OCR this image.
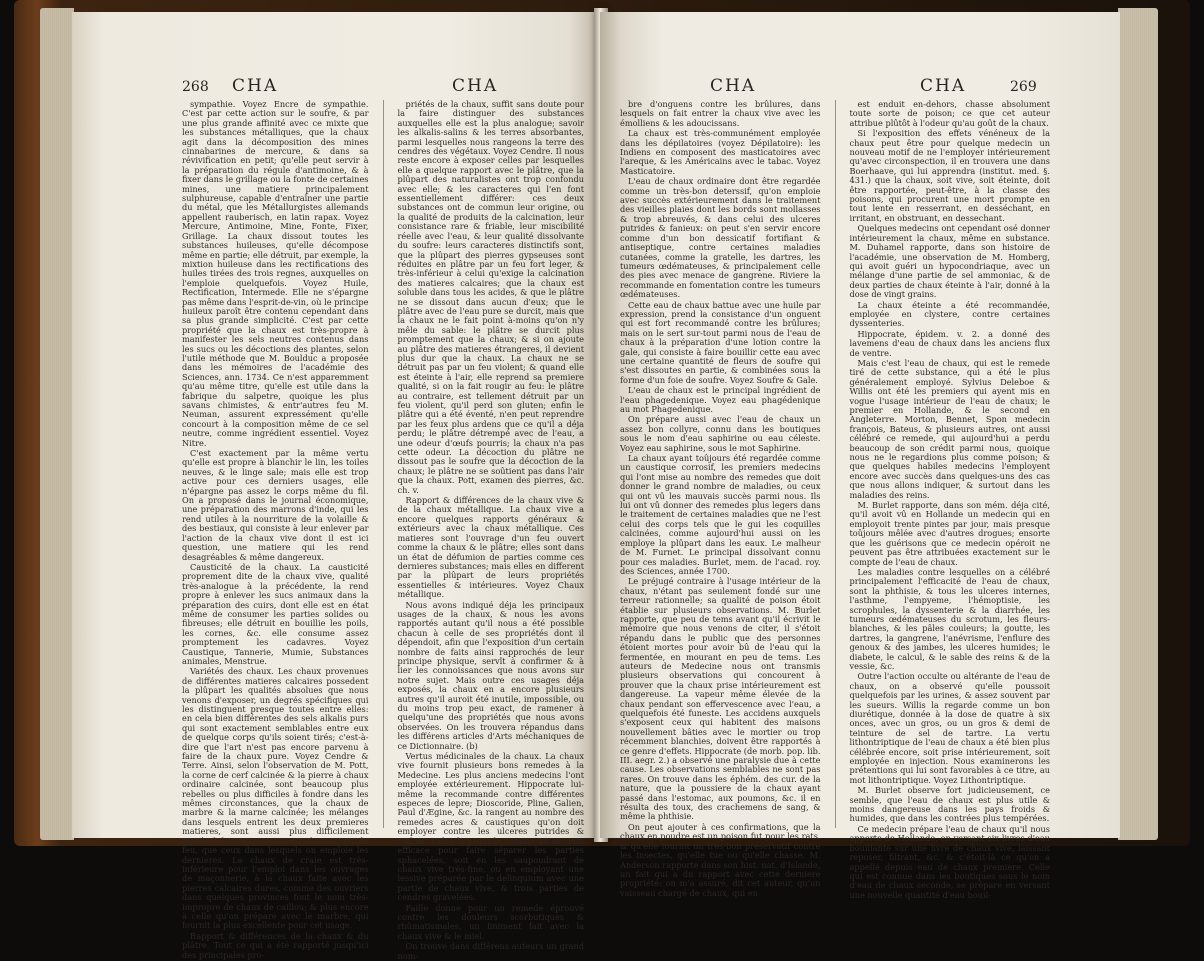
268 CHA	CHA

sympathie. Voyez Encre de sympathie. C'est par cette action sur le soufre, & par une plus grande affinité avec ce mixte que les substances métalliques, que la chaux agit dans la décomposition des mines cinnabarines de mercure, & dans sa révivification en petit; qu'elle peut servir à la préparation du régule d'antimoine, & à fixer dans le grillage ou la fonte de certaines mines, une matiere principalement sulphureuse, capable d'entraîner une partie du métal, que les Métallurgistes allemands appellent rauberisch, en latin rapax. Voyez Mercure, Antimoine, Mine, Fonte, Fixer, Grillage. La chaux dissout toutes les substances huileuses, qu'elle décompose même en partie; elle détruit, par exemple, la mixtion huileuse dans les rectifications des huiles tirées des trois regnes, auxquelles on l'emploie quelquefois. Voyez Huile, Rectification, Intermede. Elle ne s'épargne pas même dans l'esprit-de-vin, où le principe huileux paroît être contenu cependant dans sa plus grande simplicité. C'est par cette propriété que la chaux est très-propre à manifester les sels neutres contenus dans les sucs ou les décoctions des plantes, selon l'utile méthode que M. Boulduc a proposée dans les mémoires de l'académie des Sciences, ann. 1734. Ce n'est apparemment qu'au même titre, qu'elle est utile dans la fabrique du salpetre, quoique les plus savans chimistes, & entr'autres feu M. Neuman, assurent expressément qu'elle concourt à la composition même de ce sel neutre, comme ingrédient essentiel. Voyez Nitre.

C'est exactement par la même vertu qu'elle est propre à blanchir le lin, les toiles neuves, & le linge sale; mais elle est trop active pour ces derniers usages, elle n'épargne pas assez le corps même du fil. On a proposé dans le journal économique, une préparation des marrons d'inde, qui les rend utiles à la nourriture de la volaille & des bestiaux, qui consiste à leur enlever par l'action de la chaux vive dont il est ici question, une matiere qui les rend desagréables & même dangereux.

Causticité de la chaux. La causticité proprement dite de la chaux vive, qualité très-analogue à la précédente, la rend propre à enlever les sucs animaux dans la préparation des cuirs, dont elle est en état même de consumer les parties solides ou fibreuses; elle détruit en bouillie les poils, les cornes, &c. elle consume assez promptement les cadavres. Voyez Caustique, Tannerie, Mumie, Substances animales, Menstrue.

Variétés des chaux. Les chaux provenues de différentes matieres calcaires possedent la plûpart les qualités absolues que nous venons d'exposer, un degrés spécifiques qui les distinguent presque toutes entre elles: en cela bien différentes des sels alkalis purs qui sont exactement semblables entre eux de quelque corps qu'ils soient tirés; c'est-à-dire que l'art n'est pas encore parvenu à faire de la chaux pure. Voyez Cendre & Terre. Ainsi, selon l'observation de M. Pott, la corne de cerf calcinée & la pierre à chaux ordinaire calcinée, sont beaucoup plus rebelles ou plus difficiles à fondre dans les mêmes circonstances, que la chaux de marbre & la marne calcinée; les mélanges dans lesquels entrent les deux premieres matieres, sont aussi plus difficilement portés à la transparence par le secours du feu, que ceux dans lesquels on emploie les dernieres. La chaux de craie est très-inférieure pour l'emploi dans les ouvrages de maçonnerie, à la chaux faite avec les pierres calcaires dures, comme des ouvriers dans quelques provinces font le nom très-impropre de chaux de caillou; & plus encore à celle qu'on prépare avec le marbre, qui fournit la plus excellente pour cet usage.

Rapport & différences de la chaux & du plâtre. Tout ce qui a été rapporté jusqu'ici des principales pro-

priétés de la chaux, suffit sans doute pour la faire distinguer des substances auxquelles elle est la plus analogue; savoir les alkalis-salins & les terres absorbantes, parmi lesquelles nous rangeons la terre des cendres des végétaux. Voyez Cendre. Il nous reste encore à exposer celles par lesquelles elle a quelque rapport avec le plâtre, que la plûpart des naturalistes ont trop confondu avec elle; & les caracteres qui l'en font essentiellement différer: ces deux substances ont de commun leur origine, ou la qualité de produits de la calcination, leur consistance rare & friable, leur miscibilité réelle avec l'eau, & leur qualité dissolvante du soufre: leurs caracteres distinctifs sont, que la plûpart des pierres gypseuses sont réduites en plâtre par un feu fort leger, & très-inférieur à celui qu'exige la calcination des matieres calcaires; que la chaux est soluble dans tous les acides, & que le plâtre ne se dissout dans aucun d'eux; que le plâtre avec de l'eau pure se durcit, mais que la chaux ne le fait point à-moins qu'on n'y mêle du sable: le plâtre se durcit plus promptement que la chaux; & si on ajoute au plâtre des matieres étrangeres, il devient plus dur que la chaux. La chaux ne se détruit pas par un feu violent; & quand elle est éteinte à l'air, elle reprend sa premiere qualité, si on la fait rougir au feu: le plâtre au contraire, est tellement détruit par un feu violent, qu'il perd son gluten; enfin le plâtre qui a été éventé, n'en peut reprendre par les feux plus ardens que ce qu'il a déja perdu; le plâtre détrempé avec de l'eau, a une odeur d'œufs pourris; la chaux n'a pas cette odeur. La décoction du plâtre ne dissout pas le soufre que la décoction de la chaux; le plâtre ne se soûtient pas dans l'air que la chaux. Pott, examen des pierres, &c. ch. v.

Rapport & différences de la chaux vive & de la chaux métallique. La chaux vive a encore quelques rapports généraux & extérieurs avec la chaux métallique. Ces matieres sont l'ouvrage d'un feu ouvert comme la chaux & le plâtre; elles sont dans un état de défumion de parties comme ces dernieres substances; mais elles en different par la plûpart de leurs propriétés essentielles & intérieures. Voyez Chaux métallique.

Nous avons indiqué déja les principaux usages de la chaux, & nous les avons rapportés autant qu'il nous a été possible chacun à celle de ses propriétés dont il dépendoit, afin que l'exposition d'un certain nombre de faits ainsi rapprochés de leur principe physique, servît à confirmer & à lier les connoissances que nous avons sur notre sujet. Mais outre ces usages déja exposés, la chaux en a encore plusieurs autres qu'il auroit été inutile, impossible, ou du moins trop peu exact, de ramener à quelqu'une des propriétés que nous avons observées. On les trouvera répandus dans les différens articles d'Arts méchaniques de ce Dictionnaire. (b)

Vertus médicinales de la chaux. La chaux vive fournit plusieurs bons remedes à la Medecine. Les plus anciens medecins l'ont employée extérieurement. Hippocrate lui-même la recommande contre différentes especes de lepre; Dioscoride, Pline, Galien, Paul d'Ægine, &c. la rangent au nombre des remedes acres & caustiques qu'on doit employer contre les ulceres putrides & malins. Celse la regarde comme un secours efficace pour faire séparer les parties sphacelées, soit en les saupoudrant de chaux vive très-fine, ou en employant une lessive préparée par le delinquium avec une partie de chaux vive, & trois parties de cendres gravelées.

Faille donne pour un remede éprouvé contre les douleurs scorbutiques & rhûmatismales, un liniment fait avec la chaux vive & le miel.

On trouve dans différens auteurs un grand nom-

CHA	CHA	269

bre d'onguens contre les brûlures, dans lesquels on fait entrer la chaux vive avec les émolliens & les adoucissans.

La chaux est très-communément employée dans les dépilatoires (voyez Dépilatoire): les Indiens en composent des masticatoires avec l'areque, & les Américains avec le tabac. Voyez Masticatoire.

L'eau de chaux ordinaire dont être regardée comme un très-bon deterssif, qu'on emploie avec succès extérieurement dans le traitement des vieilles plaies dont les bords sont mollasses & trop abreuvés, & dans celui des ulceres putrides & fanieux: on peut s'en servir encore comme d'un bon dessicatif fortifiant & antiseptique, contre certaines maladies cutanées, comme la gratelle, les dartres, les tumeurs œdémateuses, & principalement celle des pies avec menace de gangrene. Riviere la recommande en fomentation contre les tumeurs œdémateuses.

Cette eau de chaux battue avec une huile par expression, prend la consistance d'un onguent qui est fort recommandé contre les brûlures; mais on le sert sur-tout parmi nous de l'eau de chaux à la préparation d'une lotion contre la gale, qui consiste à faire bouillir cette eau avec une certaine quantité de fleurs de soufre qui s'est dissoutes en partie, & combinées sous la forme d'un foie de soufre. Voyez Soufre & Gale.

L'eau de chaux est le principal ingrédient de l'eau phagedenique. Voyez eau phagédenique au mot Phagedenique.

On prépare aussi avec l'eau de chaux un assez bon collyre, connu dans les boutiques sous le nom d'eau saphirine ou eau céleste. Voyez eau saphirine, sous le mot Saphirine.

La chaux ayant toûjours été regardée comme un caustique corrosif, les premiers medecins qui l'ont mise au nombre des remedes que doit donner le grand nombre de maladies, ou ceux qui ont vû les mauvais succès parmi nous. Ils lui ont vû donner des remedes plus legers dans le traitement de certaines maladies que ne l'est celui des corps tels que le gui les coquilles calcinées, comme aujourd'hui aussi on les employe la plûpart dans les eaux. Le malheur de M. Furnet. Le principal dissolvant connu pour ces maladies. Burlet, mem. de l'acad. roy. des Sciences, année 1700.

Le préjugé contraire à l'usage intérieur de la chaux, n'étant pas seulement fondé sur une terreur rationnelle; sa qualité de poison étoit établie sur plusieurs observations. M. Burlet rapporte, que peu de tems avant qu'il écrivit le mémoire que nous venons de citer, il s'étoit répandu dans le public que des personnes étoient mortes pour avoir bû de l'eau qui la fermentée, en mourant en peu de tems. Les auteurs de Medecine nous ont transmis plusieurs observations qui concourent à prouver que la chaux prise intérieurement est dangereuse. La vapeur même élevée de la chaux pendant son effervescence avec l'eau, a quelquefois été funeste. Les accidens auxquels s'exposent ceux qui habitent des maisons nouvellement bâties avec le mortier ou trop récemment blanchies, doivent être rapportés à ce genre d'effets. Hippocrate (de morb. pop. lib. III. aegr. 2.) a observé une paralysie due à cette cause. Les observations semblables ne sont pas rares. On trouve dans les éphém. des cur. de la nature, que la poussiere de la chaux ayant passé dans l'estomac, aux poumons, &c. il en résulta des toux, des crachemens de sang, & même la phthisie.

On peut ajouter à ces confirmations, que la chaux en poudre est un poison fut pour les rats, & qu'elle fournit un très-bon préservatif contre les insectes, qu'elle tue ou qu'elle chasse. M. Anderson rapporte dans son hist. nat. d'Islande, un fait qui a du rapport avec cette derniere propriété: on m'a assuré, dit cet auteur, qu'un vaisseau chargé de chaux, qui en

est enduit en-dehors, chasse absolument toute sorte de poison; ce que cet auteur attribue plûtôt à l'odeur qu'au goût de la chaux.

Si l'exposition des effets vénéneux de la chaux peut être pour quelque medecin un nouveau motif de ne l'employer intérieurement qu'avec circonspection, il en trouvera une dans Boerhaave, qui lui apprendra (institut. med. §. 431.) que la chaux, soit vive, soit éteinte, doit être rapportée, peut-être, à la classe des poisons, qui procurent une mort prompte en tout lente en resserrant, en desséchant, en irritant, en obstruant, en dessechant.

Quelques medecins ont cependant osé donner intérieurement la chaux, même en substance. M. Duhamel rapporte, dans son histoire de l'académie, une observation de M. Homberg, qui avoit guéri un hypocondriaque, avec un mélange d'une partie de sel ammoniac, & de deux parties de chaux éteinte à l'air, donné à la dose de vingt grains.

La chaux éteinte a été recommandée, employée en clystere, contre certaines dyssenteries.

Hippocrate, épidem. v. 2. a donné des lavemens d'eau de chaux dans les anciens flux de ventre.

Mais c'est l'eau de chaux, qui est le remede tiré de cette substance, qui a été le plus généralement employé. Sylvius Deleboe & Willis ont été les premiers qui ayent mis en vogue l'usage intérieur de l'eau de chaux; le premier en Hollande, & le second en Angleterre. Morton, Bennet, Spon medecin françois, Bateus, & plusieurs autres, ont aussi célébré ce remede, qui aujourd'hui a perdu beaucoup de son crédit parmi nous, quoique nous ne le regardions plus comme poison; & que quelques habiles medecins l'employent encore avec succès dans quelques-uns des cas que nous allons indiquer, & surtout dans les maladies des reins.

M. Burlet rapporte, dans son mém. déja cité, qu'il avoit vû en Hollande un medecin qui en employoit trente pintes par jour, mais presque toûjours mêlée avec d'autres drogues; ensorte que les guérisons que ce medecin opéroit ne peuvent pas être attribuées exactement sur le compte de l'eau de chaux.

Les maladies contre lesquelles on a célébré principalement l'efficacité de l'eau de chaux, sont la phthisie, & tous les ulceres internes, l'asthme, l'empyeme, l'hémoptisie, les scrophules, la dyssenterie & la diarrhée, les tumeurs œdémateuses du scrotum, les fleurs-blanches, & les pâles couleurs; la goutte, les dartres, la gangrene, l'anévrisme, l'enflure des genoux & des jambes, les ulceres humides; le diabete, le calcul, & le sable des reins & de la vessie, &c.

Outre l'action occulte ou altérante de l'eau de chaux, on a observé qu'elle poussoit quelquefois par les urines, & assez souvent par les sueurs. Willis la regarde comme un bon diurétique, donnée à la dose de quatre à six onces, avec un gros, ou un gros & demi de teinture de sel de tartre. La vertu lithontriptique de l'eau de chaux a été bien plus célébrée encore, soit prise intérieurement, soit employée en injection. Nous examinerons les prétentions qui lui sont favorables à ce titre, au mot lithontriptique. Voyez Lithontriptique.

M. Burlet observe fort judicieusement, ce semble, que l'eau de chaux est plus utile & moins dangereuse dans les pays froids & humides, que dans les contrées plus tempérées.

Ce medecin prépare l'eau de chaux qu'il nous apporte de Hollande, en versant six livres d'eau bouillante sur une livre de chaux vive, laissant reposer, filtrant, &c. & c'étoit-là ce qu'on a appellé depuis eau de chaux premiere. Celle qui est connue dans les boutiques sous le nom d'eau de chaux seconde, se prépare en versant une nouvelle quantité d'eau bouil-
